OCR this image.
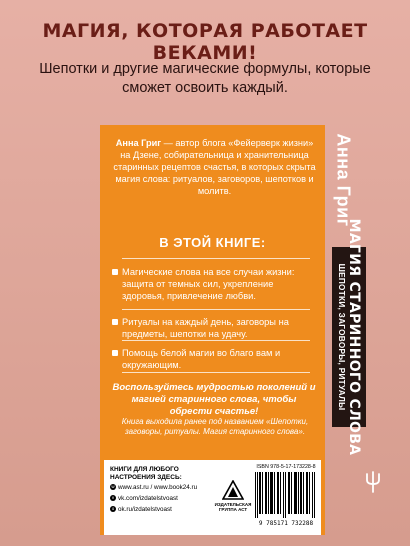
МАГИЯ, КОТОРАЯ РАБОТАЕТ ВЕКАМИ!
Шепотки и другие магические формулы, которые сможет освоить каждый.
Анна Григ — автор блога «Фейерверк жизни» на Дзене, собирательница и хранительница старинных рецептов счастья, в которых скрыта магия слова: ритуалов, заговоров, шепотков и молитв.
В ЭТОЙ КНИГЕ:
Магические слова на все случаи жизни: защита от темных сил, укрепление здоровья, привлечение любви.
Ритуалы на каждый день, заговоры на предметы, шепотки на удачу.
Помощь белой магии во благо вам и окружающим.
Воспользуйтесь мудростью поколений и магией старинного слова, чтобы обрести счастье!
Книга выходила ранее под названием «Шепотки, заговоры, ритуалы. Магия старинного слова».
КНИГИ ДЛЯ ЛЮБОГО НАСТРОЕНИЯ ЗДЕСЬ:
w www.ast.ru / www.book24.ru
v vk.com/izdatelstvoast
o ok.ru/izdatelstvoast
ИЗДАТЕЛЬСКАЯ
ГРУППА АСТ
ISBN 978-5-17-173228-8
9 785171 732288
Анна Григ
МАГИЯ СТАРИННОГО СЛОВА
ШЕПОТКИ, ЗАГОВОРЫ, РИТУАЛЫ
